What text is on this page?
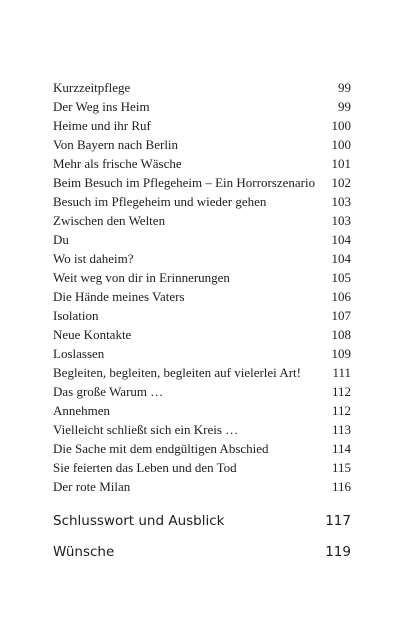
Kurzzeitpflege	99
Der Weg ins Heim	99
Heime und ihr Ruf	100
Von Bayern nach Berlin	100
Mehr als frische Wäsche	101
Beim Besuch im Pflegeheim – Ein Horrorszenario 102
Besuch im Pflegeheim und wieder gehen	103
Zwischen den Welten	103
Du	104
Wo ist daheim?	104
Weit weg von dir in Erinnerungen	105
Die Hände meines Vaters	106
Isolation	107
Neue Kontakte	108
Loslassen	109
Begleiten, begleiten, begleiten auf vielerlei Art! 111
Das große Warum …	112
Annehmen	112
Vielleicht schließt sich ein Kreis …	113
Die Sache mit dem endgültigen Abschied	114
Sie feierten das Leben und den Tod	115
Der rote Milan	116
Schlusswort und Ausblick	117
Wünsche	119
